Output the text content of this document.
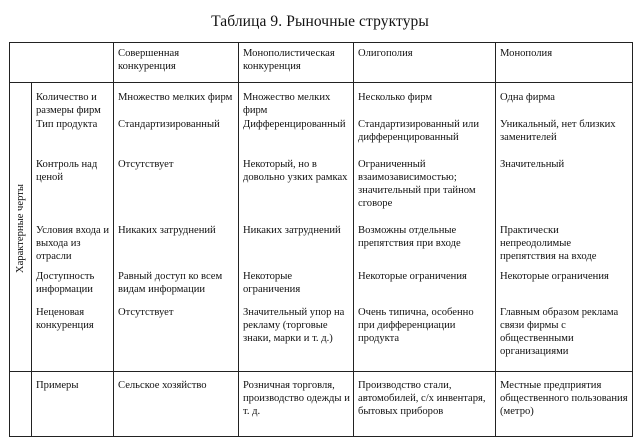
Таблица 9. Рыночные структуры
		Совершенная конкуренция	Монополистическая конкуренция	Олигополия	Монополия
Характерные черты	Количество и размеры фирм	Множество мелких фирм	Множество мелких фирм	Несколько фирм	Одна фирма
	Тип продукта	Стандартизированный	Дифференцированный	Стандартизированный или дифференцированный	Уникальный, нет близких заменителей
	Контроль над ценой	Отсутствует	Некоторый, но в довольно узких рамках	Ограниченный взаимозависимостью; значительный при тайном сговоре	Значительный
	Условия входа и выхода из отрасли	Никаких затруднений	Никаких затруднений	Возможны отдельные препятствия при входе	Практически непреодолимые препятствия на входе
	Доступность информации	Равный доступ ко всем видам информации	Некоторые ограничения	Некоторые ограничения	Некоторые ограничения
	Неценовая конкуренция	Отсутствует	Значительный упор на рекламу (торговые знаки, марки и т. д.)	Очень типична, особенно при дифференциации продукта	Главным образом реклама связи фирмы с общественными организациями
	Примеры	Сельское хозяйство	Розничная торговля, производство одежды и т. д.	Производство стали, автомобилей, с/х инвентаря, бытовых приборов	Местные предприятия общественного пользования (метро)
